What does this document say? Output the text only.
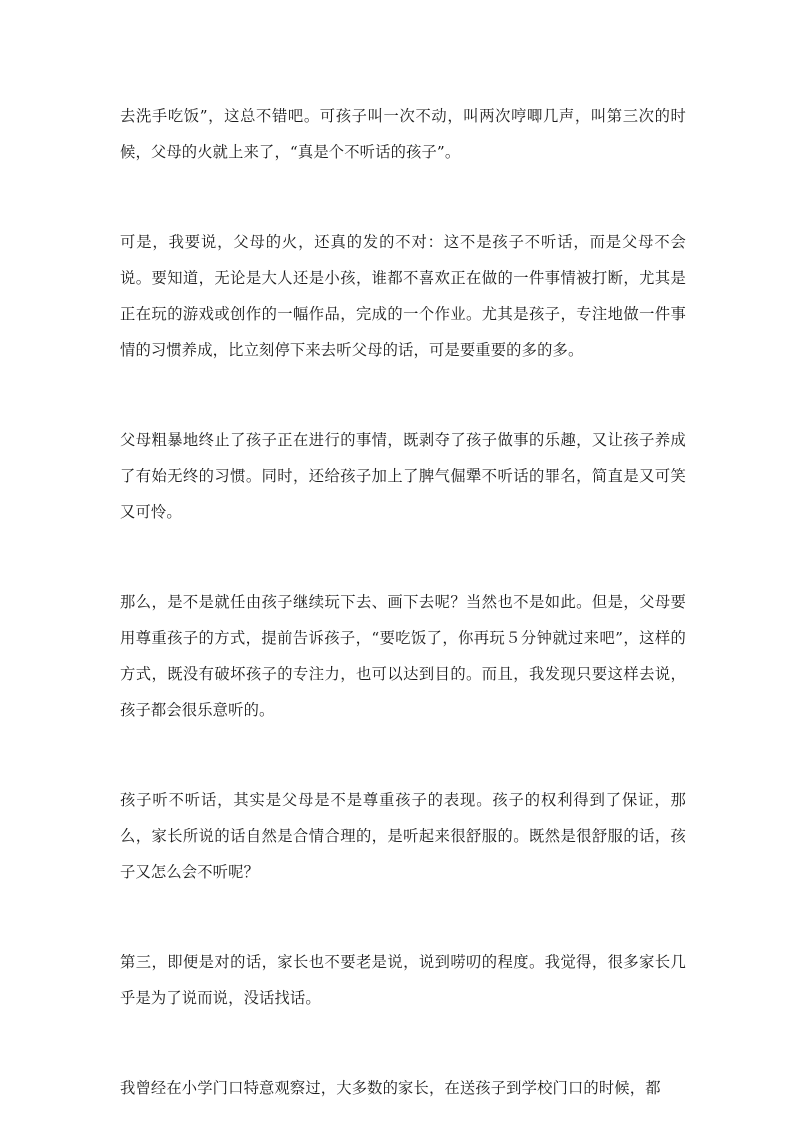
去洗手吃饭”，这总不错吧。可孩子叫一次不动，叫两次哼唧几声，叫第三次的时候，父母的火就上来了，“真是个不听话的孩子”。

可是，我要说，父母的火，还真的发的不对：这不是孩子不听话，而是父母不会说。要知道，无论是大人还是小孩，谁都不喜欢正在做的一件事情被打断，尤其是正在玩的游戏或创作的一幅作品，完成的一个作业。尤其是孩子，专注地做一件事情的习惯养成，比立刻停下来去听父母的话，可是要重要的多的多。

父母粗暴地终止了孩子正在进行的事情，既剥夺了孩子做事的乐趣，又让孩子养成了有始无终的习惯。同时，还给孩子加上了脾气倔犟不听话的罪名，简直是又可笑又可怜。

那么，是不是就任由孩子继续玩下去、画下去呢？当然也不是如此。但是，父母要用尊重孩子的方式，提前告诉孩子，“要吃饭了，你再玩５分钟就过来吧”，这样的方式，既没有破坏孩子的专注力，也可以达到目的。而且，我发现只要这样去说，孩子都会很乐意听的。

孩子听不听话，其实是父母是不是尊重孩子的表现。孩子的权利得到了保证，那么，家长所说的话自然是合情合理的，是听起来很舒服的。既然是很舒服的话，孩子又怎么会不听呢？

第三，即便是对的话，家长也不要老是说，说到唠叨的程度。我觉得，很多家长几乎是为了说而说，没话找话。

我曾经在小学门口特意观察过，大多数的家长，在送孩子到学校门口的时候，都
